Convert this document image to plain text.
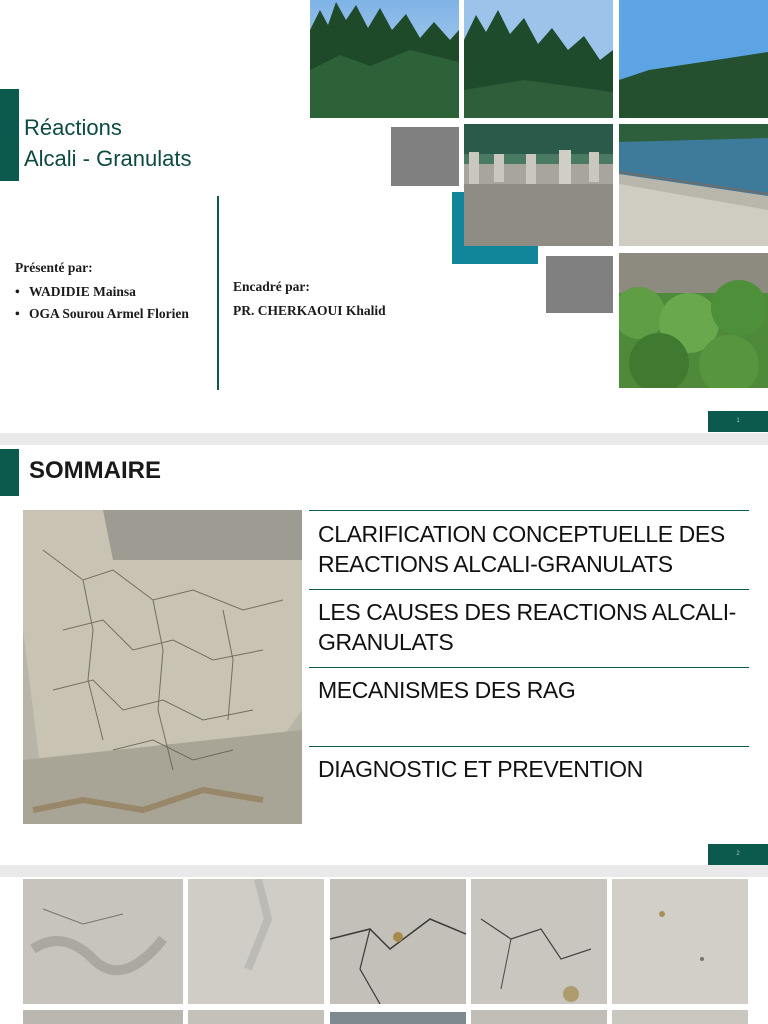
Réactions
Alcali - Granulats
Présenté par:
• WADIDIE Mainsa
• OGA Sourou Armel Florien
Encadré par:
PR. CHERKAOUI Khalid
1
SOMMAIRE
CLARIFICATION CONCEPTUELLE DES REACTIONS ALCALI-GRANULATS
LES CAUSES DES REACTIONS ALCALI-GRANULATS
MECANISMES DES RAG
DIAGNOSTIC ET PREVENTION
2
